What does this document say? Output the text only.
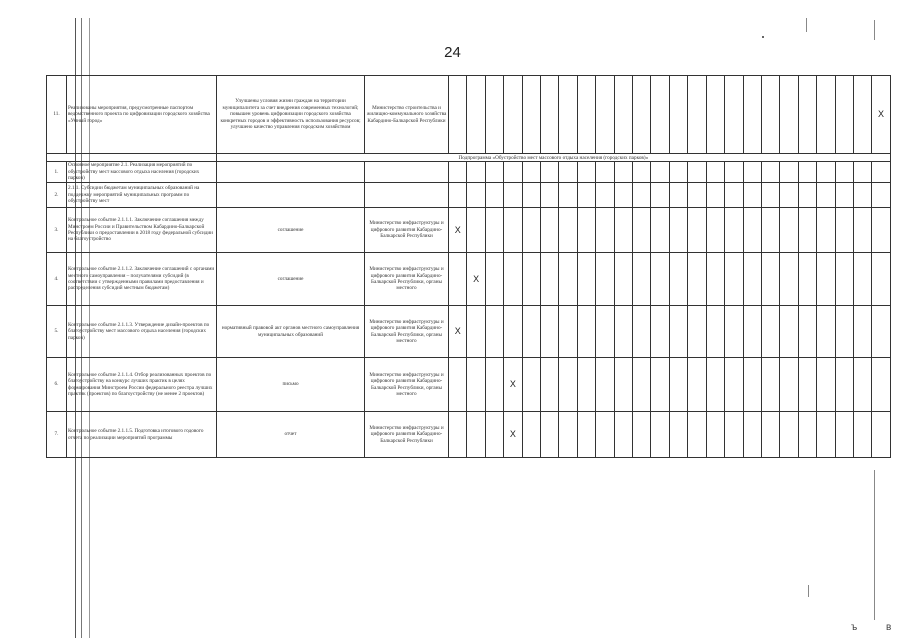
24
11.	Реализованы мероприятия, предусмотренные паспортом ведомственного проекта по цифровизации городского хозяйства «Умный город»	Улучшены условия жизни граждан на территории муниципалитета за счет внедрения современных технологий; повышен уровень цифровизации городского хозяйства конкретных городов и эффективность использования ресурсов; улучшено качество управления городским хозяйством	Министерство строительства и жилищно-коммунального хозяйства Кабардино-Балкарской Республики																								X
		Подпрограмма «Обустройство мест массового отдыха населения (городских парков)»																									
1.	Основное мероприятие 2.1. Реализация мероприятий по обустройству мест массового отдыха населения (городских парков)																										
2.	2.1.1. Субсидии бюджетам муниципальных образований на поддержку мероприятий муниципальных программ по обустройству мест																										
3.	Контрольное событие 2.1.1.1. Заключение соглашения между Минстроем России и Правительством Кабардино-Балкарской Республики о предоставлении в 2018 году федеральной субсидии на благоустройство	соглашение	Министерство инфраструктуры и цифрового развития Кабардино-Балкарской Республики	X																							
4.	Контрольное событие 2.1.1.2. Заключение соглашений с органами местного самоуправления – получателями субсидий (в соответствии с утвержденными правилами предоставления и распределения субсидий местным бюджетам)	соглашение	Министерство инфраструктуры и цифрового развития Кабардино-Балкарской Республики, органы местного		X																						
5.	Контрольное событие 2.1.1.3. Утверждение дизайн-проектов по благоустройству мест массового отдыха населения (городских парков)	нормативный правовой акт органов местного самоуправления муниципальных образований	Министерство инфраструктуры и цифрового развития Кабардино-Балкарской Республики, органы местного	X																							
6.	Контрольное событие 2.1.1.4. Отбор реализованных проектов по благоустройству на конкурс лучших практик в целях формирования Минстроем России федерального реестра лучших практик (проектов) по благоустройству (не менее 2 проектов)	письмо	Министерство инфраструктуры и цифрового развития Кабардино-Балкарской Республики, органы местного				X																				
7.	Контрольное событие 2.1.1.5. Подготовка итогового годового отчета по реализации мероприятий программы	отчет	Министерство инфраструктуры и цифрового развития Кабардино-Балкарской Республики				X																				
ъ	в
